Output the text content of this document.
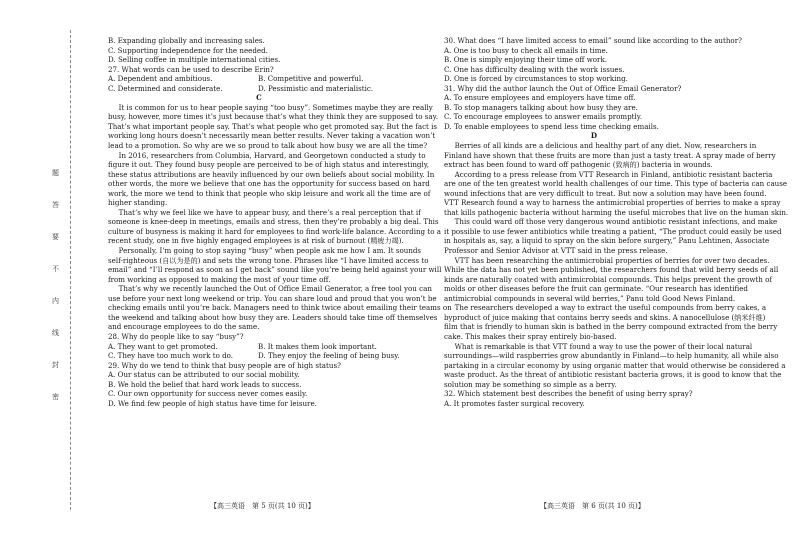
题
答
要
不
内
线
封
密
B. Expanding globally and increasing sales.
C. Supporting independence for the needed.
D. Selling coffee in multiple international cities.
27. What words can be used to describe Erin?
A. Dependent and ambitious.	B. Competitive and powerful.
C. Determined and considerate.	D. Pessimistic and materialistic.
C
It is common for us to hear people saying “too busy”. Sometimes maybe they are really
busy, however, more times it’s just because that’s what they think they are supposed to say.
That’s what important people say. That’s what people who get promoted say. But the fact is
working long hours doesn’t necessarily mean better results. Never taking a vacation won’t
lead to a promotion. So why are we so proud to talk about how busy we are all the time?
In 2016, researchers from Columbia, Harvard, and Georgetown conducted a study to
figure it out. They found busy people are perceived to be of high status and interestingly,
these status attributions are heavily influenced by our own beliefs about social mobility. In
other words, the more we believe that one has the opportunity for success based on hard
work, the more we tend to think that people who skip leisure and work all the time are of
higher standing.
That’s why we feel like we have to appear busy, and there’s a real perception that if
someone is knee-deep in meetings, emails and stress, then they’re probably a big deal. This
culture of busyness is making it hard for employees to find work-life balance. According to a
recent study, one in five highly engaged employees is at risk of burnout (精疲力竭).
Personally, I’m going to stop saying “busy” when people ask me how I am. It sounds
self-righteous (自以为是的) and sets the wrong tone. Phrases like “I have limited access to
email” and “I’ll respond as soon as I get back” sound like you’re being held against your will
from working as opposed to making the most of your time off.
That’s why we recently launched the Out of Office Email Generator, a free tool you can
use before your next long weekend or trip. You can share loud and proud that you won’t be
checking emails until you’re back. Managers need to think twice about emailing their teams on
the weekend and talking about how busy they are. Leaders should take time off themselves
and encourage employees to do the same.
28. Why do people like to say “busy”?
A. They want to get promoted.	B. It makes them look important.
C. They have too much work to do.	D. They enjoy the feeling of being busy.
29. Why do we tend to think that busy people are of high status?
A. Our status can be attributed to our social mobility.
B. We hold the belief that hard work leads to success.
C. Our own opportunity for success never comes easily.
D. We find few people of high status have time for leisure.
30. What does “I have limited access to email” sound like according to the author?
A. One is too busy to check all emails in time.
B. One is simply enjoying their time off work.
C. One has difficulty dealing with the work issues.
D. One is forced by circumstances to stop working.
31. Why did the author launch the Out of Office Email Generator?
A. To ensure employees and employers have time off.
B. To stop managers talking about how busy they are.
C. To encourage employees to answer emails promptly.
D. To enable employees to spend less time checking emails.
D
Berries of all kinds are a delicious and healthy part of any diet. Now, researchers in
Finland have shown that these fruits are more than just a tasty treat. A spray made of berry
extract has been found to ward off pathogenic (致病的) bacteria in wounds.
According to a press release from VTT Research in Finland, antibiotic resistant bacteria
are one of the ten greatest world health challenges of our time. This type of bacteria can cause
wound infections that are very difficult to treat. But now a solution may have been found.
VTT Research found a way to harness the antimicrobial properties of berries to make a spray
that kills pathogenic bacteria without harming the useful microbes that live on the human skin.
This could ward off those very dangerous wound antibiotic resistant infections, and make
it possible to use fewer antibiotics while treating a patient, “The product could easily be used
in hospitals as, say, a liquid to spray on the skin before surgery,” Panu Lehtinen, Associate
Professor and Senior Advisor at VTT said in the press release.
VTT has been researching the antimicrobial properties of berries for over two decades.
While the data has not yet been published, the researchers found that wild berry seeds of all
kinds are naturally coated with antimicrobial compounds. This helps prevent the growth of
molds or other diseases before the fruit can germinate. “Our research has identified
antimicrobial compounds in several wild berries,” Panu told Good News Finland.
The researchers developed a way to extract the useful compounds from berry cakes, a
byproduct of juice making that contains berry seeds and skins. A nanocellulose (纳米纤维)
film that is friendly to human skin is bathed in the berry compound extracted from the berry
cake. This makes their spray entirely bio-based.
What is remarkable is that VTT found a way to use the power of their local natural
surroundings—wild raspberries grow abundantly in Finland—to help humanity, all while also
partaking in a circular economy by using organic matter that would otherwise be considered a
waste product. As the threat of antibiotic resistant bacteria grows, it is good to know that the
solution may be something so simple as a berry.
32. Which statement best describes the benefit of using berry spray?
A. It promotes faster surgical recovery.
【高三英语　第 5 页(共 10 页)】	【高三英语　第 6 页(共 10 页)】
